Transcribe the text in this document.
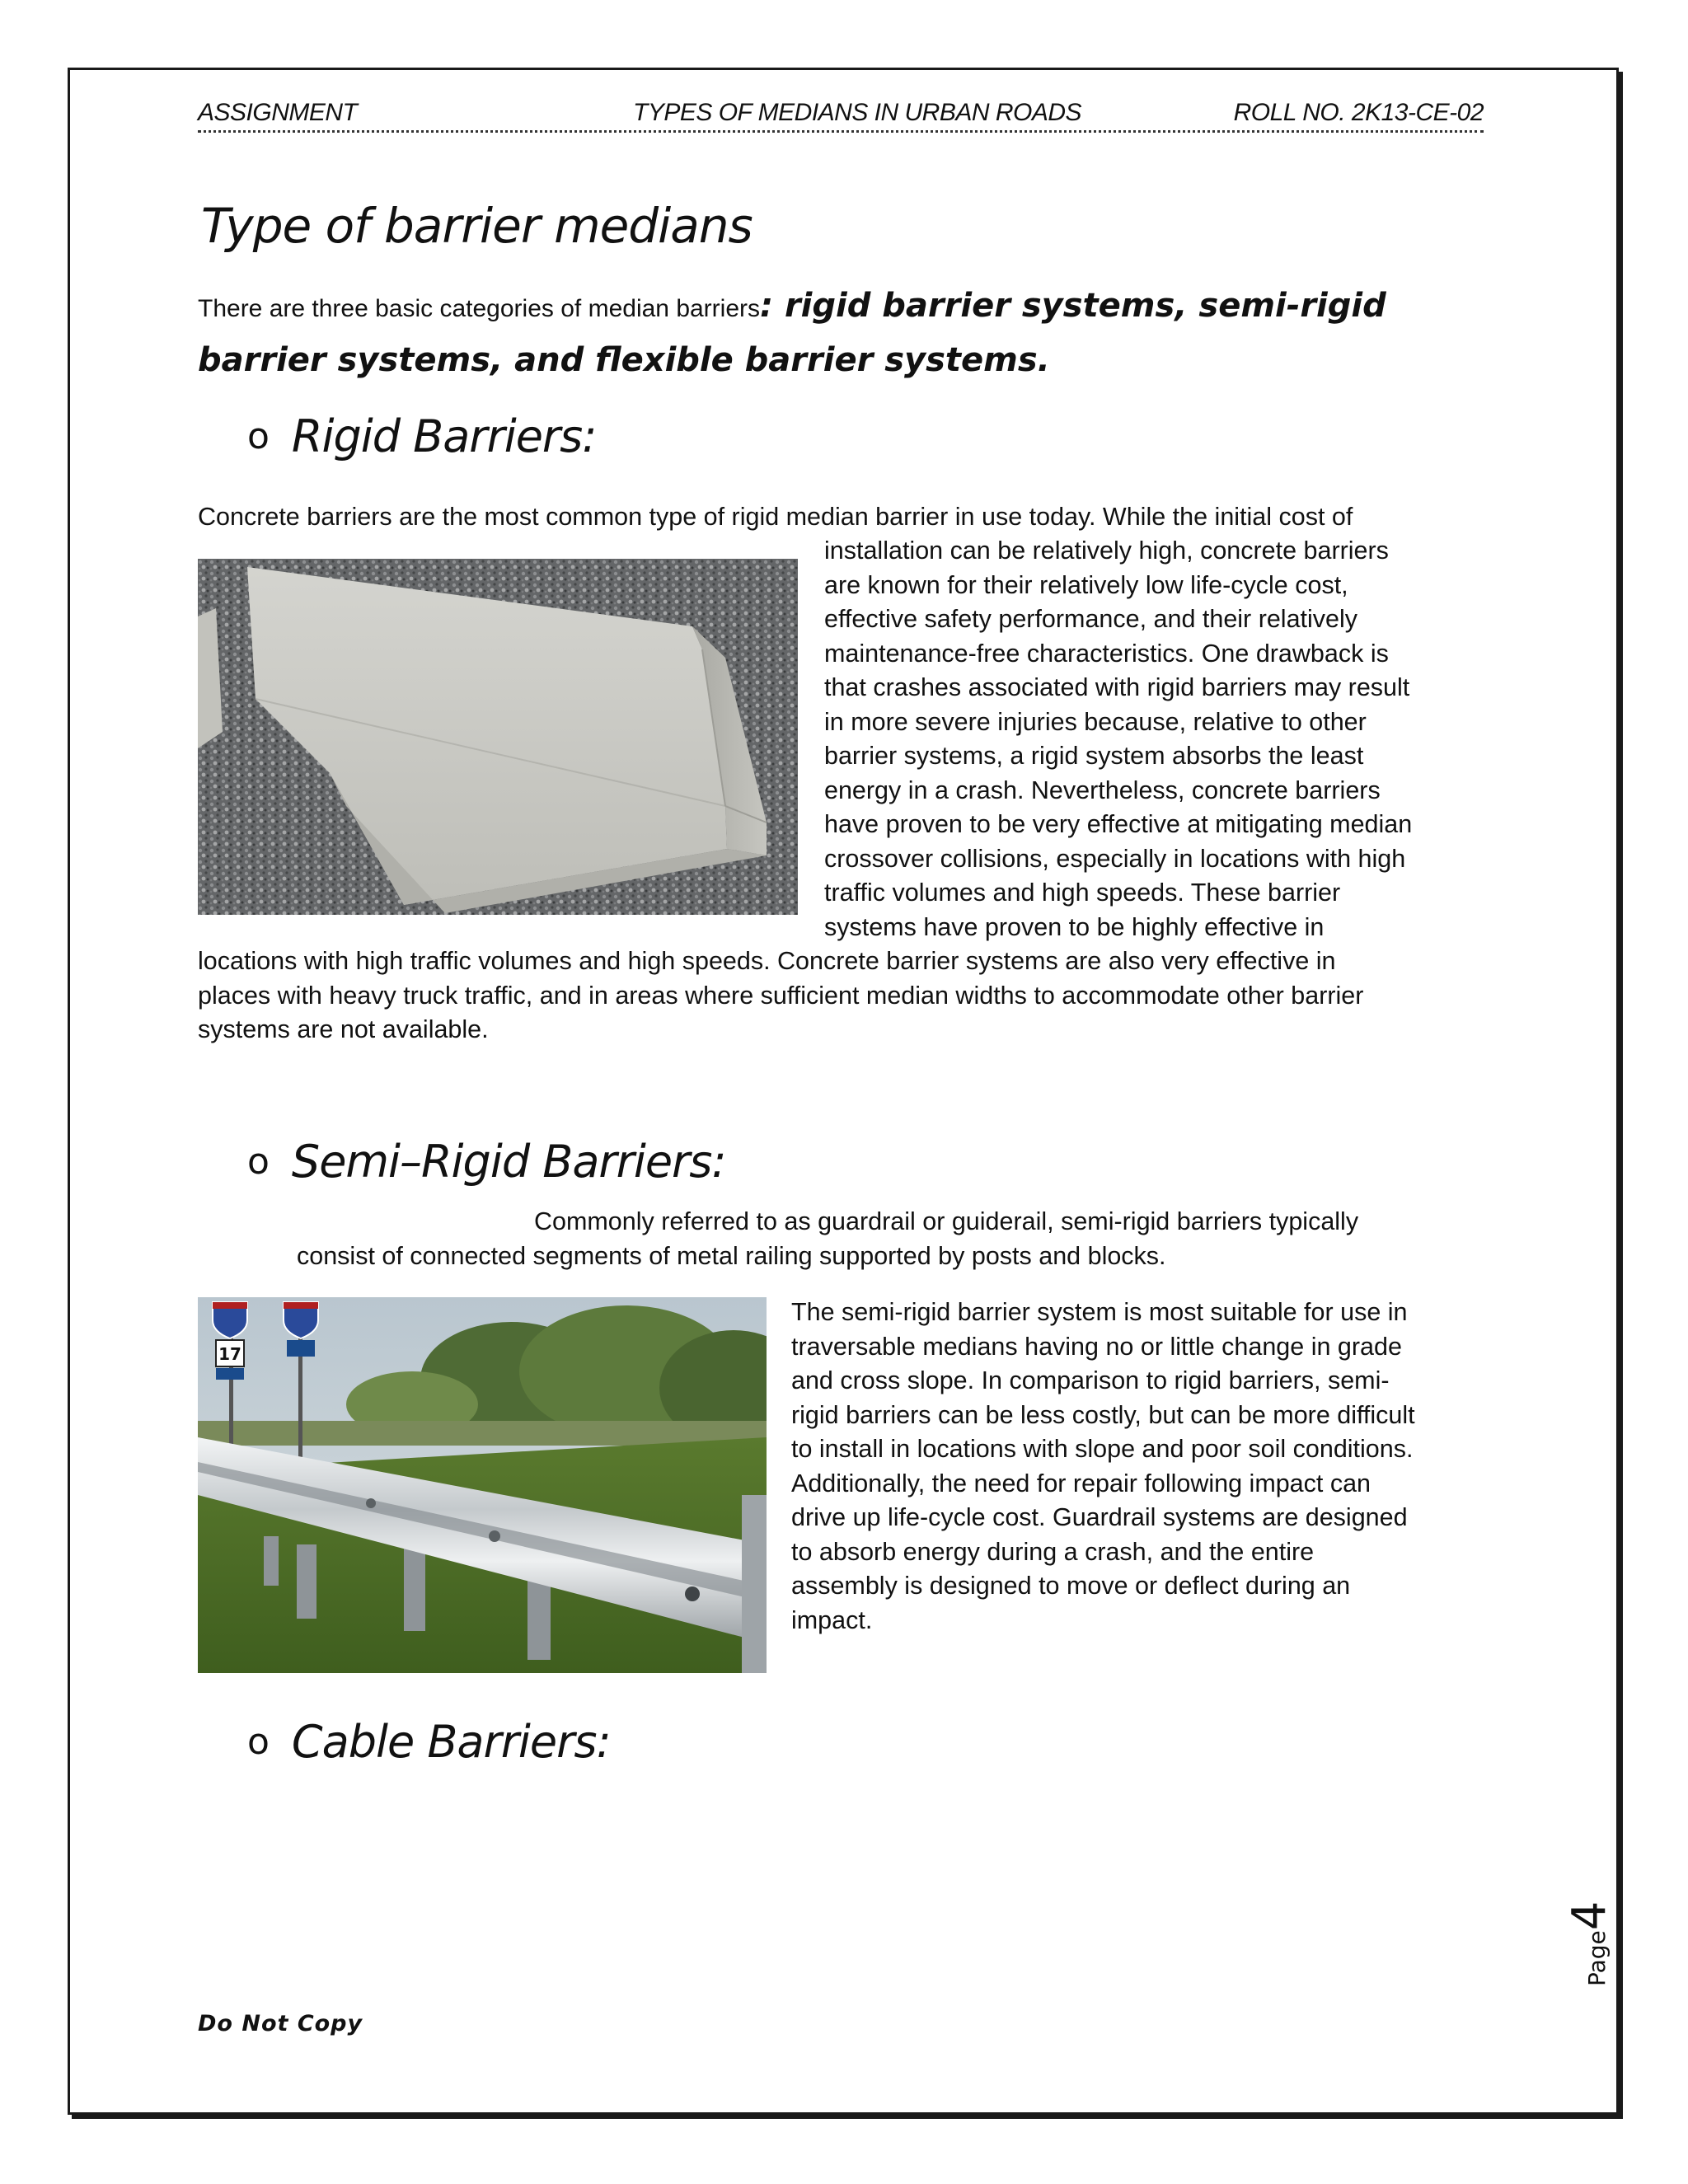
ASSIGNMENT	TYPES OF MEDIANS IN URBAN ROADS	ROLL NO. 2K13-CE-02
Type of barrier medians
There are three basic categories of median barriers: rigid barrier systems, semi-rigid barrier systems, and flexible barrier systems.
o Rigid Barriers:
Concrete barriers are the most common type of rigid median barrier in use today. While the initial cost of
installation can be relatively high, concrete barriers
are known for their relatively low life-cycle cost,
effective safety performance, and their relatively
maintenance-free characteristics. One drawback is
that crashes associated with rigid barriers may result
in more severe injuries because, relative to other
barrier systems, a rigid system absorbs the least
energy in a crash. Nevertheless, concrete barriers
have proven to be very effective at mitigating median
crossover collisions, especially in locations with high
traffic volumes and high speeds. These barrier
systems have proven to be highly effective in
locations with high traffic volumes and high speeds. Concrete barrier systems are also very effective in
places with heavy truck traffic, and in areas where sufficient median widths to accommodate other barrier
systems are not available.
o Semi–Rigid Barriers:
Commonly referred to as guardrail or guiderail, semi-rigid barriers typically
consist of connected segments of metal railing supported by posts and blocks.
17
The semi-rigid barrier system is most suitable for use in
traversable medians having no or little change in grade
and cross slope. In comparison to rigid barriers, semi-
rigid barriers can be less costly, but can be more difficult
to install in locations with slope and poor soil conditions.
Additionally, the need for repair following impact can
drive up life-cycle cost. Guardrail systems are designed
to absorb energy during a crash, and the entire
assembly is designed to move or deflect during an
impact.
o Cable Barriers:
Page4
Do Not Copy
